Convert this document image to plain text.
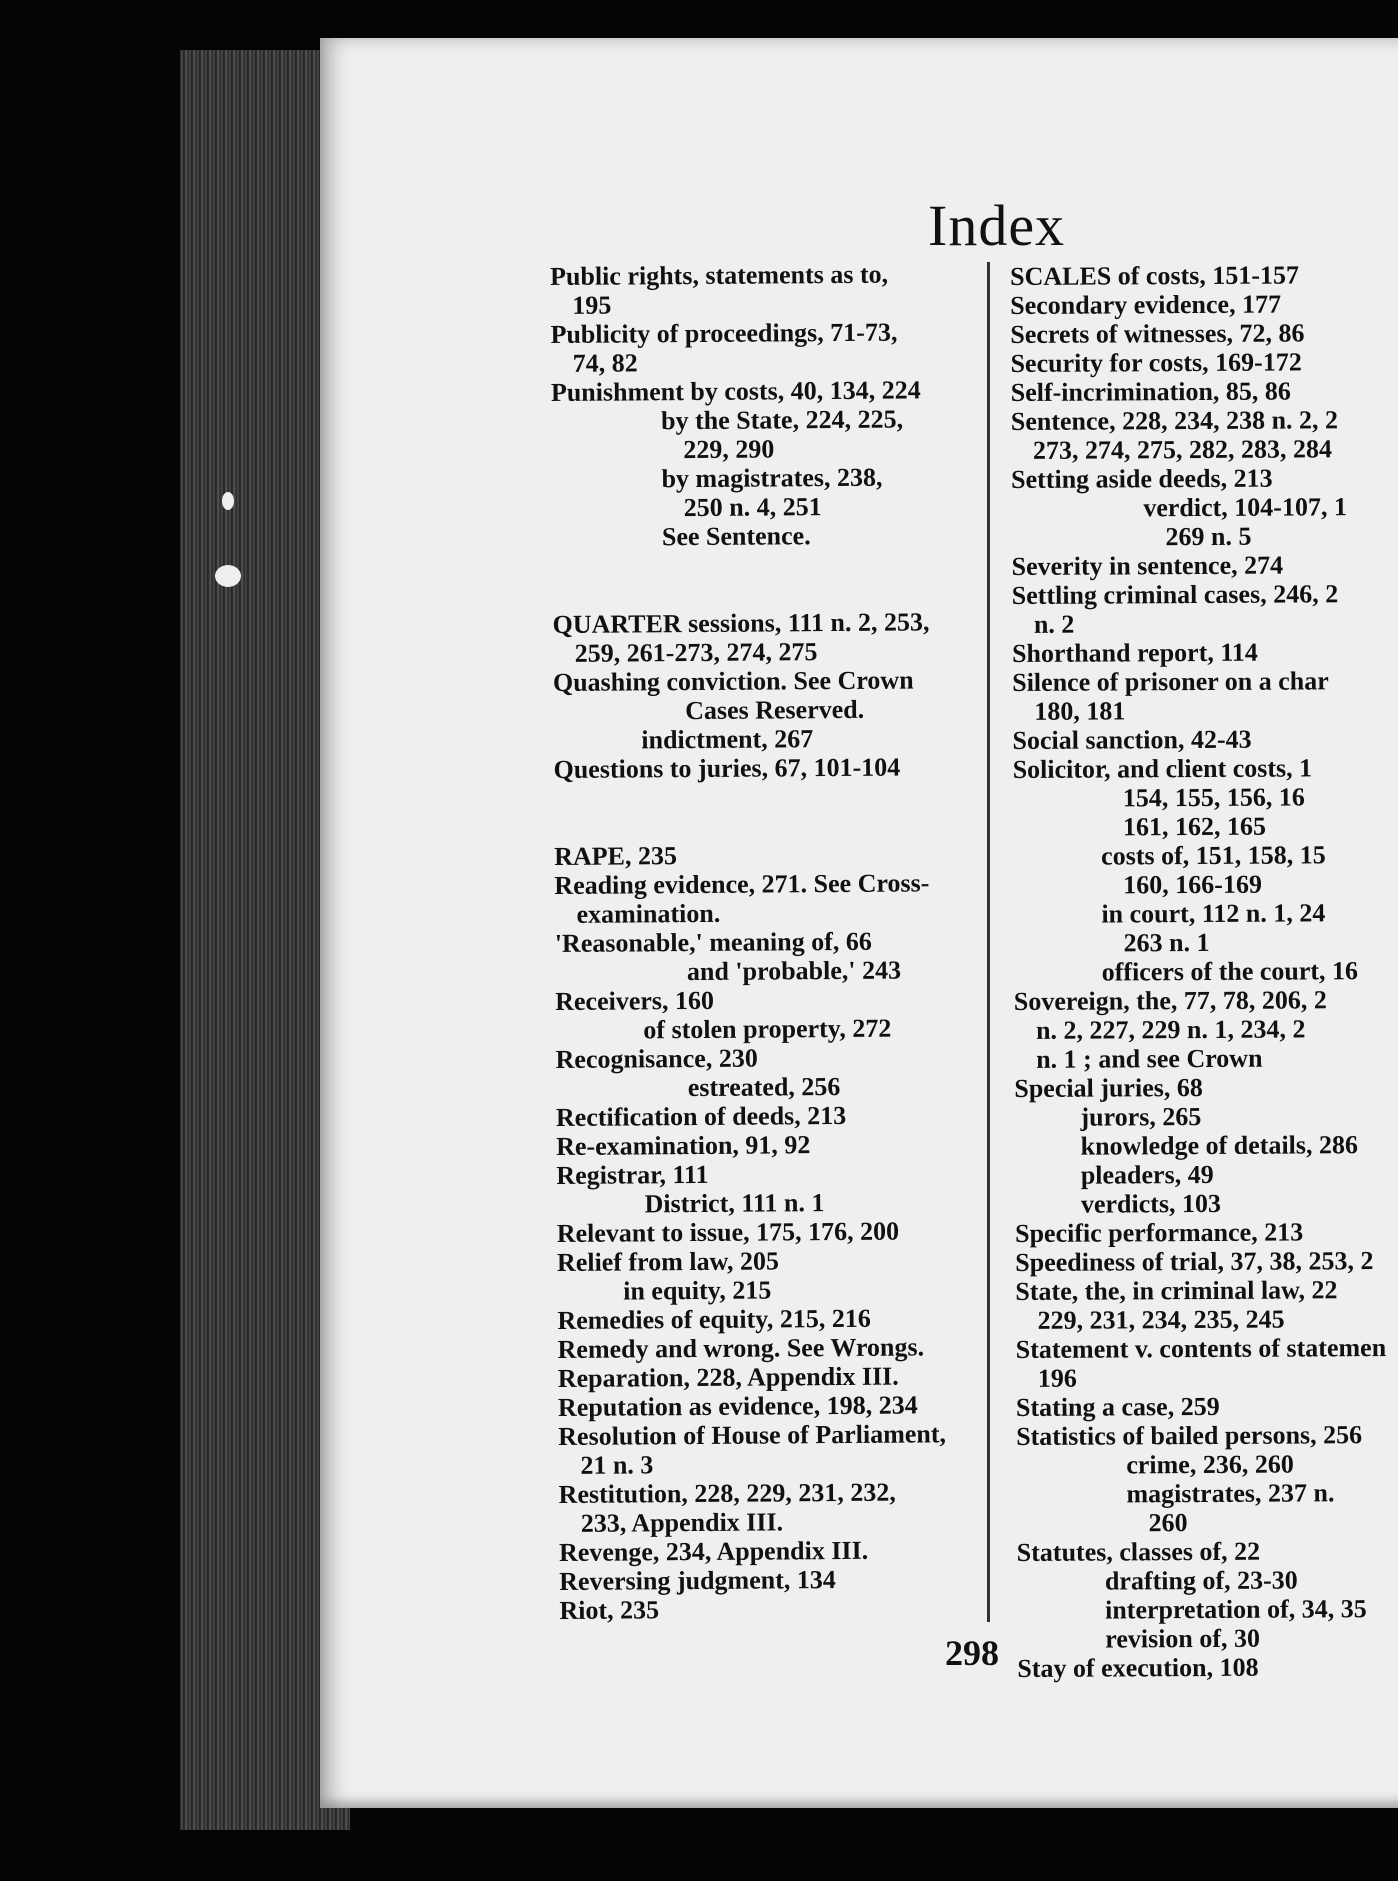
Index
Public rights, statements as to,
195
Publicity of proceedings, 71-73,
74, 82
Punishment by costs, 40, 134, 224
by the State, 224, 225,
229, 290
by magistrates, 238,
250 n. 4, 251
See Sentence.
QUARTER sessions, 111 n. 2, 253,
259, 261-273, 274, 275
Quashing conviction. See Crown
Cases Reserved.
indictment, 267
Questions to juries, 67, 101-104
RAPE, 235
Reading evidence, 271. See Cross-
examination.
'Reasonable,' meaning of, 66
and 'probable,' 243
Receivers, 160
of stolen property, 272
Recognisance, 230
estreated, 256
Rectification of deeds, 213
Re-examination, 91, 92
Registrar, 111
District, 111 n. 1
Relevant to issue, 175, 176, 200
Relief from law, 205
in equity, 215
Remedies of equity, 215, 216
Remedy and wrong. See Wrongs.
Reparation, 228, Appendix III.
Reputation as evidence, 198, 234
Resolution of House of Parliament,
21 n. 3
Restitution, 228, 229, 231, 232,
233, Appendix III.
Revenge, 234, Appendix III.
Reversing judgment, 134
Riot, 235
SCALES of costs, 151-157
Secondary evidence, 177
Secrets of witnesses, 72, 86
Security for costs, 169-172
Self-incrimination, 85, 86
Sentence, 228, 234, 238 n. 2, 2
273, 274, 275, 282, 283, 284
Setting aside deeds, 213
verdict, 104-107, 1
269 n. 5
Severity in sentence, 274
Settling criminal cases, 246, 2
n. 2
Shorthand report, 114
Silence of prisoner on a char
180, 181
Social sanction, 42-43
Solicitor, and client costs, 1
154, 155, 156, 16
161, 162, 165
costs of, 151, 158, 15
160, 166-169
in court, 112 n. 1, 24
263 n. 1
officers of the court, 16
Sovereign, the, 77, 78, 206, 2
n. 2, 227, 229 n. 1, 234, 2
n. 1 ; and see Crown
Special juries, 68
jurors, 265
knowledge of details, 286
pleaders, 49
verdicts, 103
Specific performance, 213
Speediness of trial, 37, 38, 253, 2
State, the, in criminal law, 22
229, 231, 234, 235, 245
Statement v. contents of statemen
196
Stating a case, 259
Statistics of bailed persons, 256
crime, 236, 260
magistrates, 237 n.
260
Statutes, classes of, 22
drafting of, 23-30
interpretation of, 34, 35
revision of, 30
Stay of execution, 108
298
